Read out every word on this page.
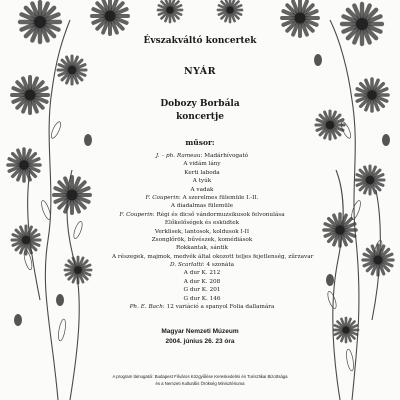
Évszakváltó koncertek
NYÁR
Dobozy Borbála
koncertje
műsor:
J. – ph. Rameau: Madárhívogató
A vidám lány
Kerti laboda
A tyúk
A vadak
F. Couperin: A szerelmes fülemüle I.-II.
A diadalmas fülemüle
F. Couperin: Régi és dicső vándormuzsikusok felvonulása
Előkelőségek és esküdtek
Verklisek, lantosok, koldusok I-II
Zsonglőrök, bűvészek, komédiások
Rokkantak, sántik
A részegek, majmok, medvék által okozott teljes fejetlenség, zűrzavar
D. Scarlatti: 4 szonáta
A dur K. 212
A dur K. 208
G dur K. 201
G dur K. 146
Ph. E. Bach: 12 variáció a spanyol Folia dallamára
Magyar Nemzeti Múzeum
2004. június 26. 23 óra
A program támogatói: Budapest Főváros Közgyűlése Kereskedelmi és Turisztikai Bizottsága
és a Nemzeti Kulturális Örökség Minisztériuma
